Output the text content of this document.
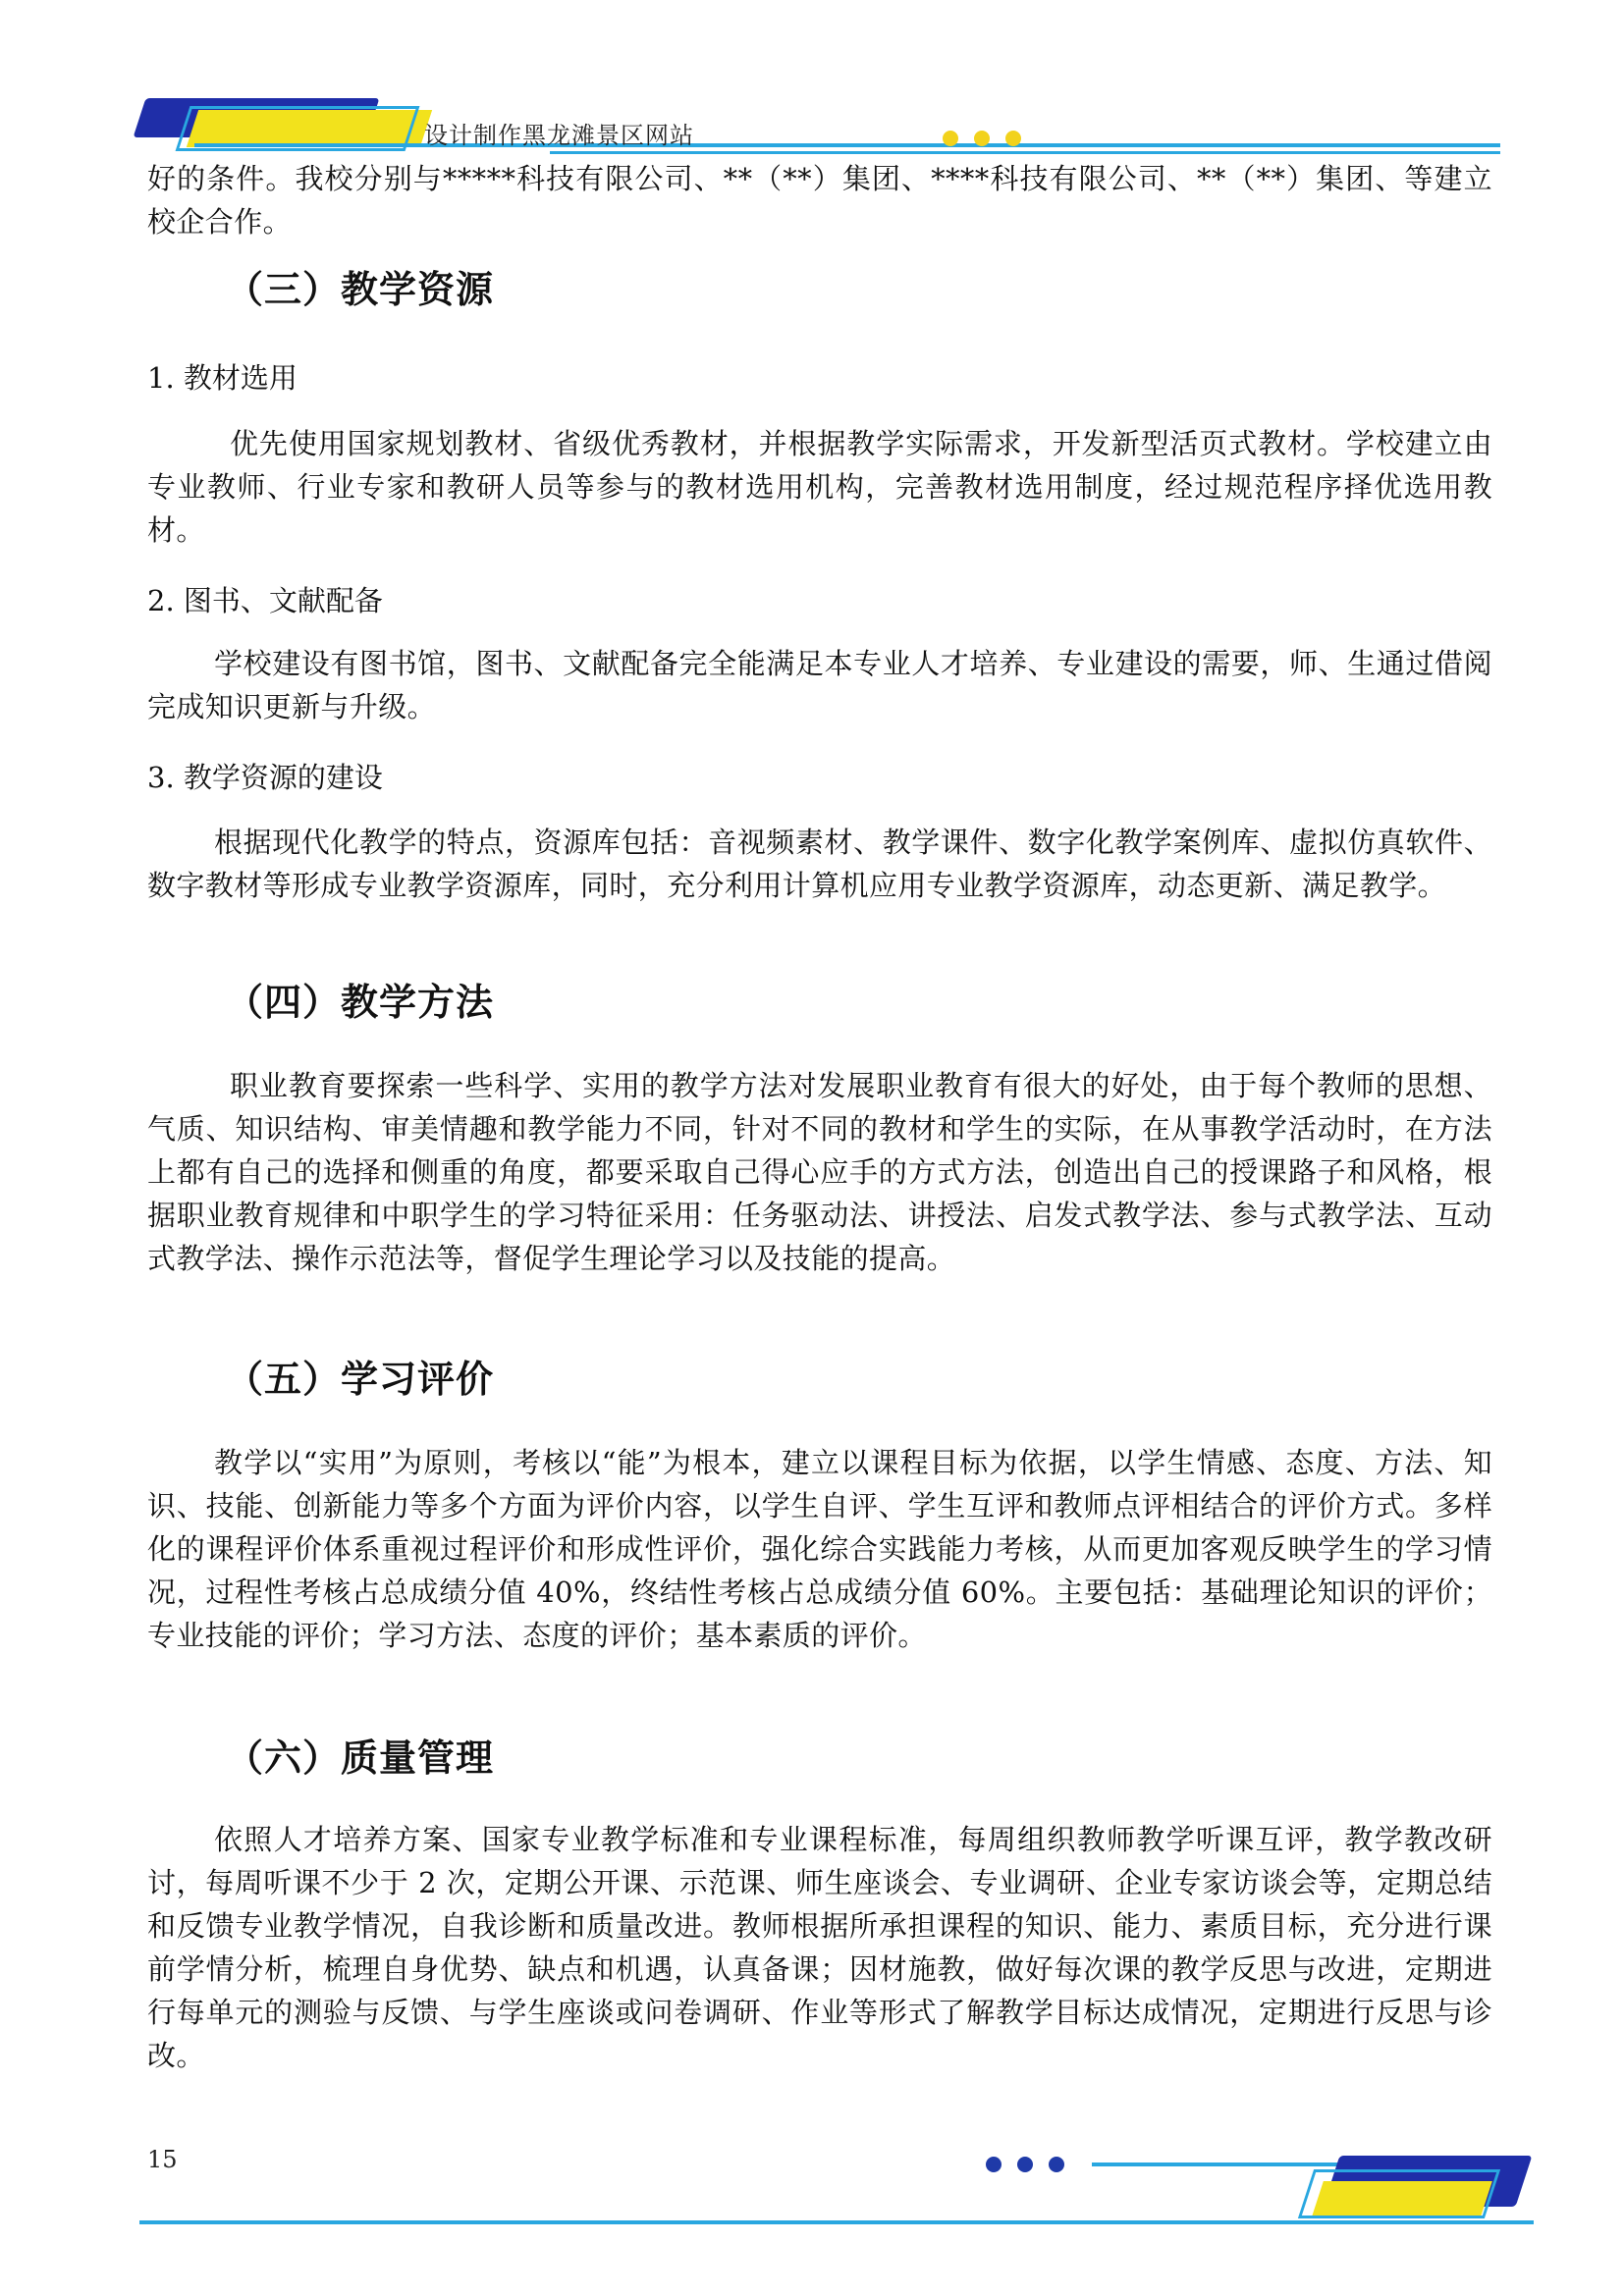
设计制作黑龙滩景区网站

好的条件。我校分别与*****科技有限公司、**（**）集团、****科技有限公司、**（**）集团、等建立校企合作。

（三）教学资源

1. 教材选用

优先使用国家规划教材、省级优秀教材，并根据教学实际需求，开发新型活页式教材。学校建立由专业教师、行业专家和教研人员等参与的教材选用机构，完善教材选用制度，经过规范程序择优选用教材。

2. 图书、文献配备

学校建设有图书馆，图书、文献配备完全能满足本专业人才培养、专业建设的需要，师、生通过借阅完成知识更新与升级。

3. 教学资源的建设

根据现代化教学的特点，资源库包括：音视频素材、教学课件、数字化教学案例库、虚拟仿真软件、数字教材等形成专业教学资源库，同时，充分利用计算机应用专业教学资源库，动态更新、满足教学。

（四）教学方法

职业教育要探索一些科学、实用的教学方法对发展职业教育有很大的好处，由于每个教师的思想、气质、知识结构、审美情趣和教学能力不同，针对不同的教材和学生的实际，在从事教学活动时，在方法上都有自己的选择和侧重的角度，都要采取自己得心应手的方式方法，创造出自己的授课路子和风格，根据职业教育规律和中职学生的学习特征采用：任务驱动法、讲授法、启发式教学法、参与式教学法、互动式教学法、操作示范法等，督促学生理论学习以及技能的提高。

（五）学习评价

教学以“实用”为原则，考核以“能”为根本，建立以课程目标为依据，以学生情感、态度、方法、知识、技能、创新能力等多个方面为评价内容，以学生自评、学生互评和教师点评相结合的评价方式。多样化的课程评价体系重视过程评价和形成性评价，强化综合实践能力考核，从而更加客观反映学生的学习情况，过程性考核占总成绩分值 40%，终结性考核占总成绩分值 60%。主要包括：基础理论知识的评价；专业技能的评价；学习方法、态度的评价；基本素质的评价。

（六）质量管理

依照人才培养方案、国家专业教学标准和专业课程标准，每周组织教师教学听课互评，教学教改研讨，每周听课不少于 2 次，定期公开课、示范课、师生座谈会、专业调研、企业专家访谈会等，定期总结和反馈专业教学情况，自我诊断和质量改进。教师根据所承担课程的知识、能力、素质目标，充分进行课前学情分析，梳理自身优势、缺点和机遇，认真备课；因材施教，做好每次课的教学反思与改进，定期进行每单元的测验与反馈、与学生座谈或问卷调研、作业等形式了解教学目标达成情况，定期进行反思与诊改。

15
